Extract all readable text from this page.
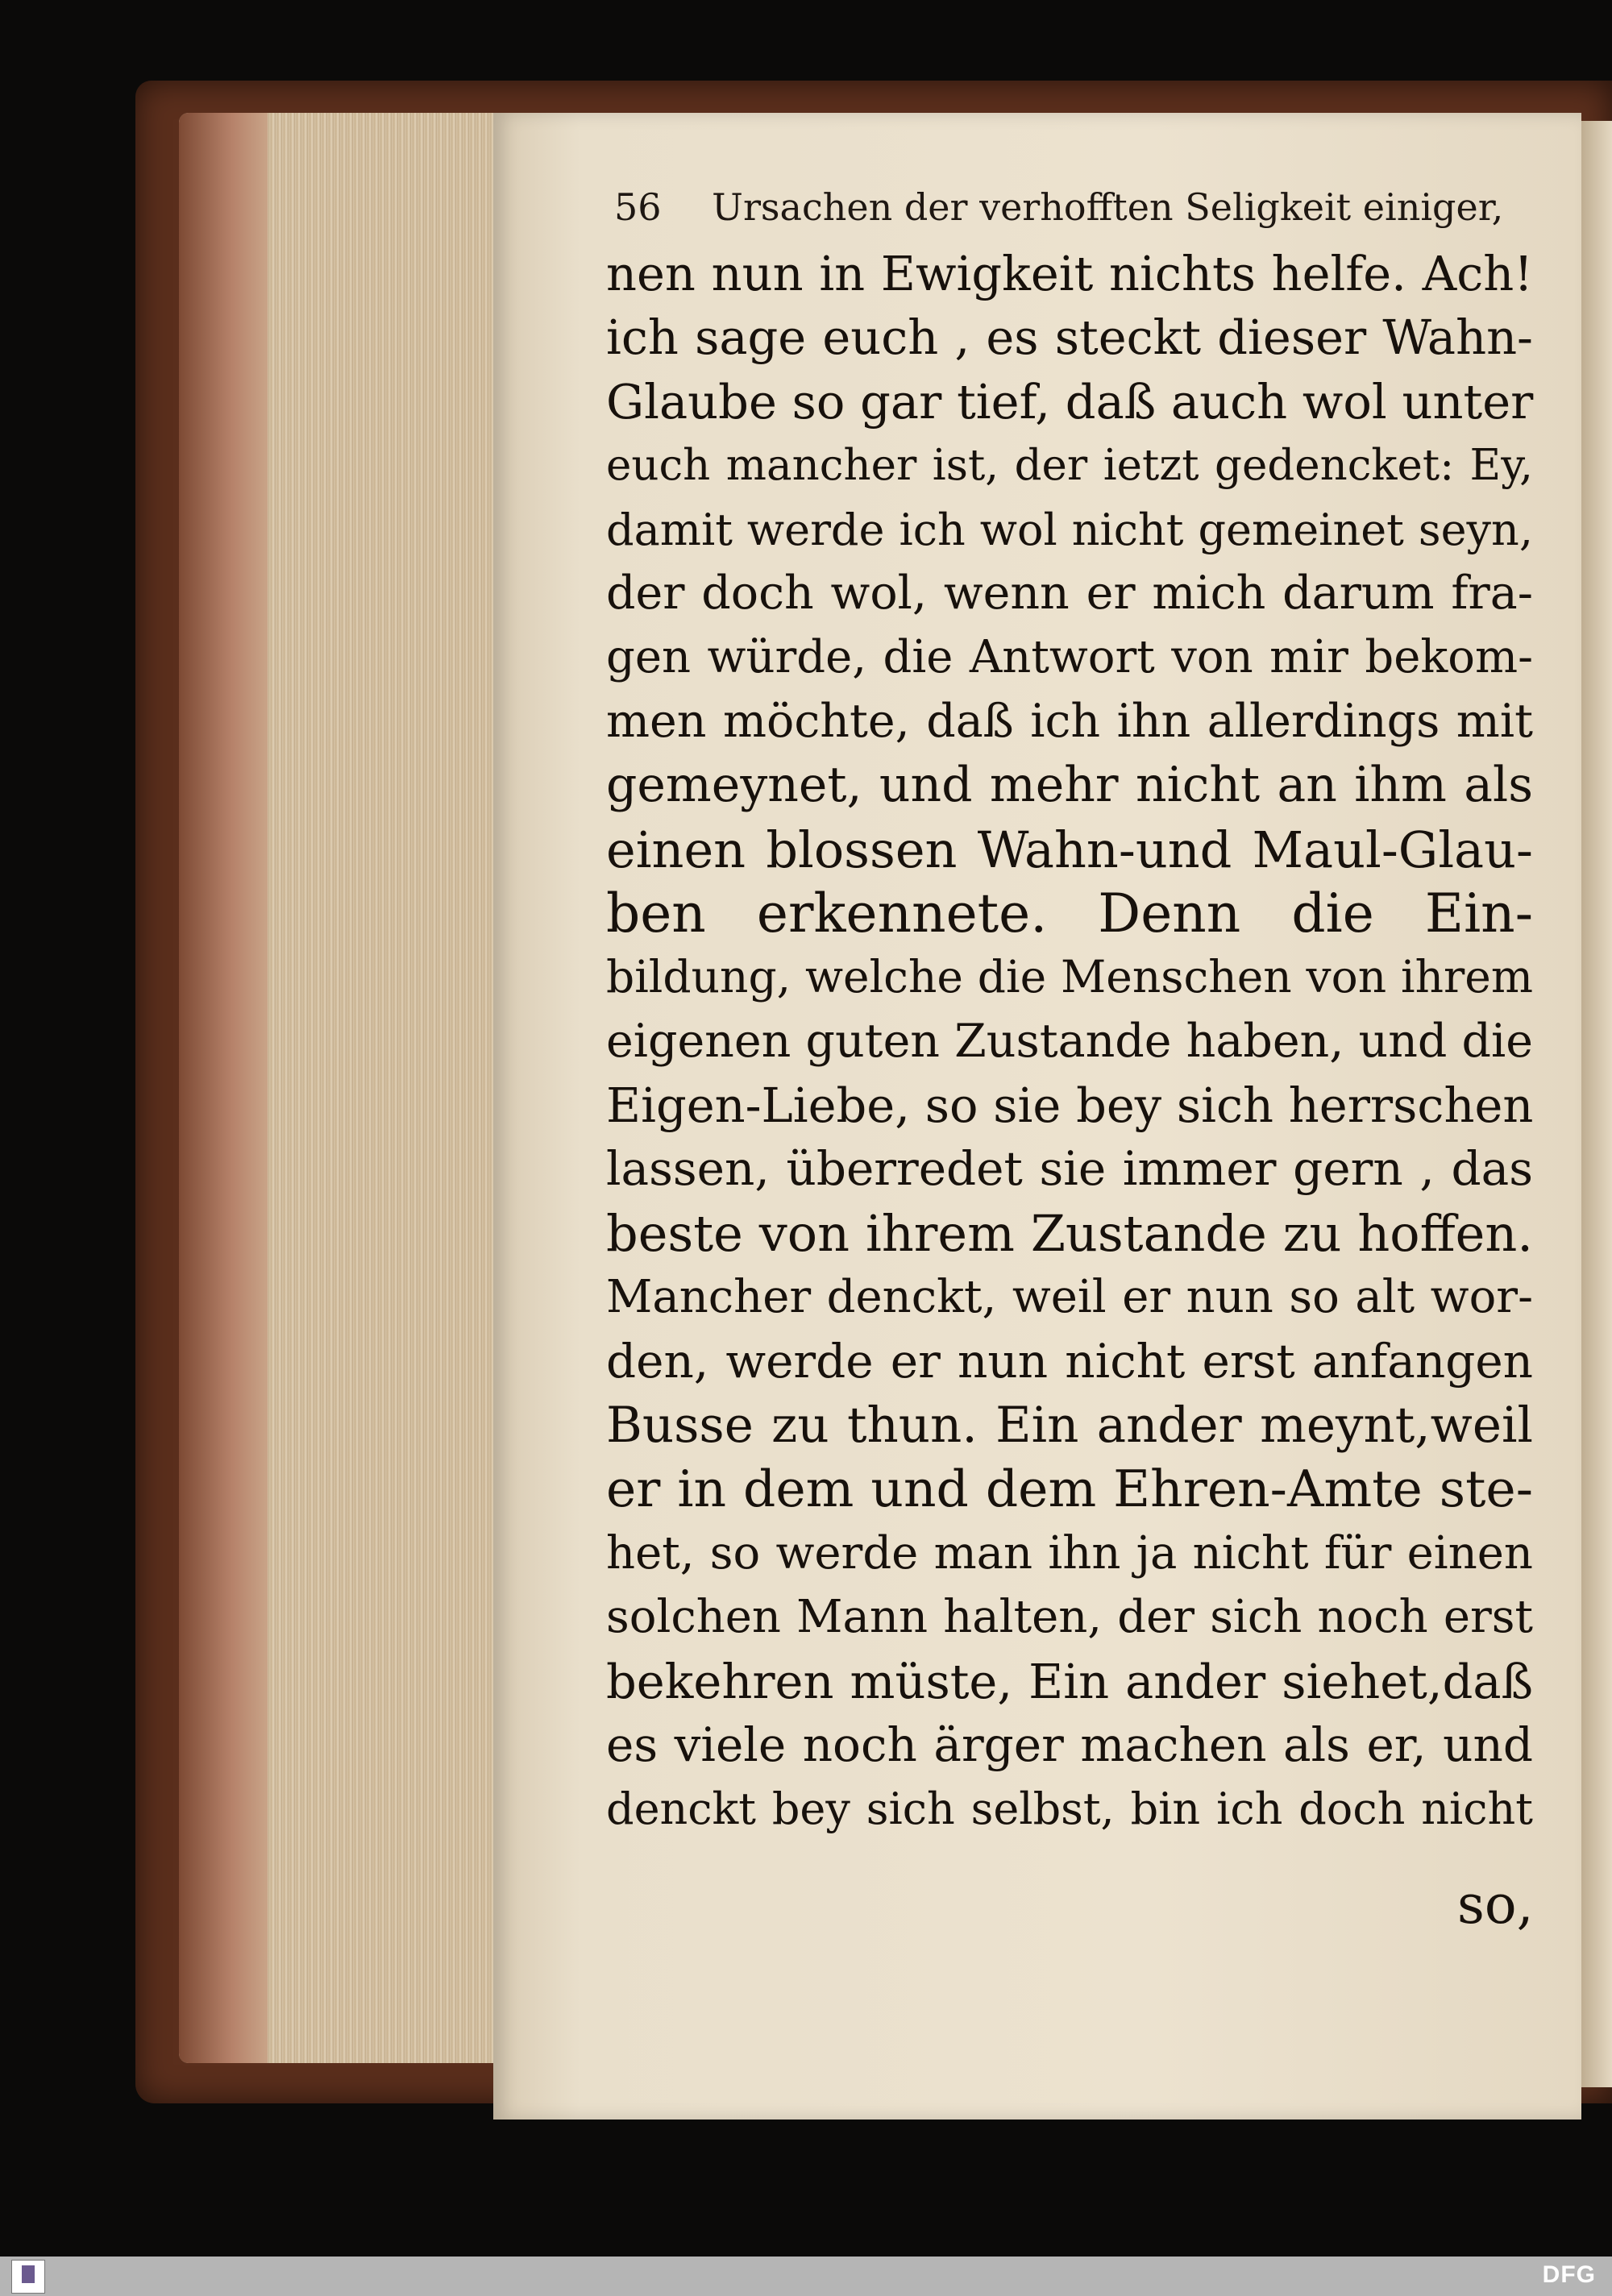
56 Ursachen der verhofften Seligkeit einiger,
nen nun in Ewigkeit nichts helfe. Ach!
ich sage euch , es steckt dieser Wahn-
Glaube so gar tief, daß auch wol unter
euch mancher ist, der ietzt gedencket: Ey,
damit werde ich wol nicht gemeinet seyn,
der doch wol, wenn er mich darum fra-
gen würde, die Antwort von mir bekom-
men möchte, daß ich ihn allerdings mit
gemeynet, und mehr nicht an ihm als
einen blossen Wahn-und Maul-Glau-
ben erkennete. Denn die Ein-
bildung, welche die Menschen von ihrem
eigenen guten Zustande haben, und die
Eigen-Liebe, so sie bey sich herrschen
lassen, überredet sie immer gern , das
beste von ihrem Zustande zu hoffen.
Mancher denckt, weil er nun so alt wor-
den, werde er nun nicht erst anfangen
Busse zu thun. Ein ander meynt,weil
er in dem und dem Ehren-Amte ste-
het, so werde man ihn ja nicht für einen
solchen Mann halten, der sich noch erst
bekehren müste, Ein ander siehet,daß
es viele noch ärger machen als er, und
denckt bey sich selbst, bin ich doch nicht
so,
DFG
